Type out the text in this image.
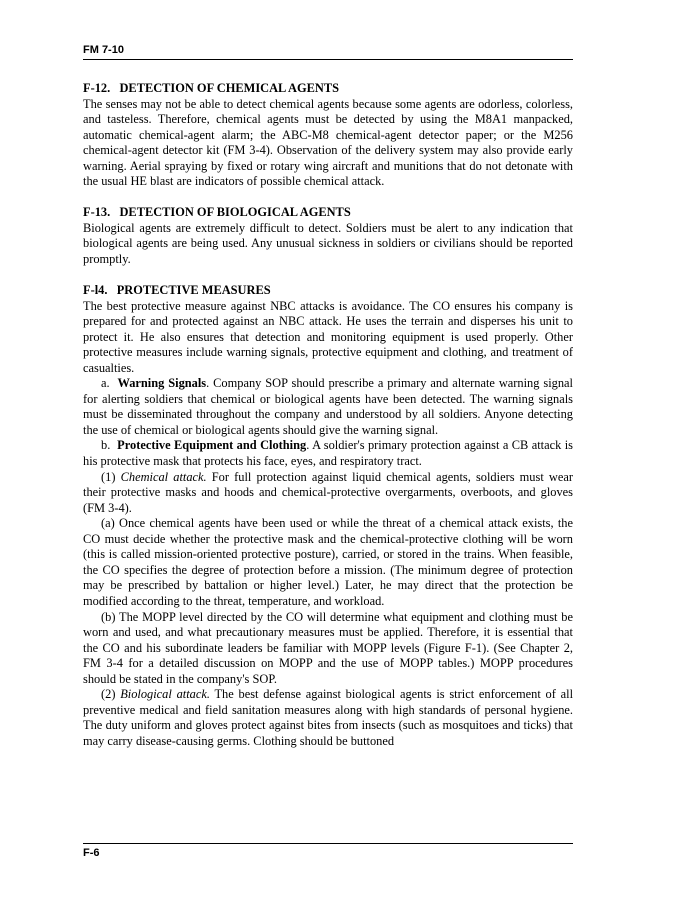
FM 7-10

F-12.   DETECTION OF CHEMICAL AGENTS

The senses may not be able to detect chemical agents because some agents are odorless, colorless, and tasteless. Therefore, chemical agents must be detected by using the M8A1 manpacked, automatic chemical-agent alarm; the ABC-M8 chemical-agent detector paper; or the M256 chemical-agent detector kit (FM 3-4). Observation of the delivery system may also provide early warning. Aerial spraying by fixed or rotary wing aircraft and munitions that do not detonate with the usual HE blast are indicators of possible chemical attack.

F-13.   DETECTION OF BIOLOGICAL AGENTS

Biological agents are extremely difficult to detect. Soldiers must be alert to any indication that biological agents are being used. Any unusual sickness in soldiers or civilians should be reported promptly.

F-l4.   PROTECTIVE MEASURES

The best protective measure against NBC attacks is avoidance. The CO ensures his company is prepared for and protected against an NBC attack. He uses the terrain and disperses his unit to protect it. He also ensures that detection and monitoring equipment is used properly. Other protective measures include warning signals, protective equipment and clothing, and treatment of casualties.

a.  Warning Signals. Company SOP should prescribe a primary and alternate warning signal for alerting soldiers that chemical or biological agents have been detected. The warning signals must be disseminated throughout the company and understood by all soldiers. Anyone detecting the use of chemical or biological agents should give the warning signal.

b.  Protective Equipment and Clothing. A soldier's primary protection against a CB attack is his protective mask that protects his face, eyes, and respiratory tract.

(1) Chemical attack. For full protection against liquid chemical agents, soldiers must wear their protective masks and hoods and chemical-protective overgarments, overboots, and gloves (FM 3-4).

(a) Once chemical agents have been used or while the threat of a chemical attack exists, the CO must decide whether the protective mask and the chemical-protective clothing will be worn (this is called mission-oriented protective posture), carried, or stored in the trains. When feasible, the CO specifies the degree of protection before a mission. (The minimum degree of protection may be prescribed by battalion or higher level.) Later, he may direct that the protection be modified according to the threat, temperature, and workload.

(b) The MOPP level directed by the CO will determine what equipment and clothing must be worn and used, and what precautionary measures must be applied. Therefore, it is essential that the CO and his subordinate leaders be familiar with MOPP levels (Figure F-1). (See Chapter 2, FM 3-4 for a detailed discussion on MOPP and the use of MOPP tables.) MOPP procedures should be stated in the company's SOP.

(2) Biological attack. The best defense against biological agents is strict enforcement of all preventive medical and field sanitation measures along with high standards of personal hygiene. The duty uniform and gloves protect against bites from insects (such as mosquitoes and ticks) that may carry disease-causing germs. Clothing should be buttoned

F-6
